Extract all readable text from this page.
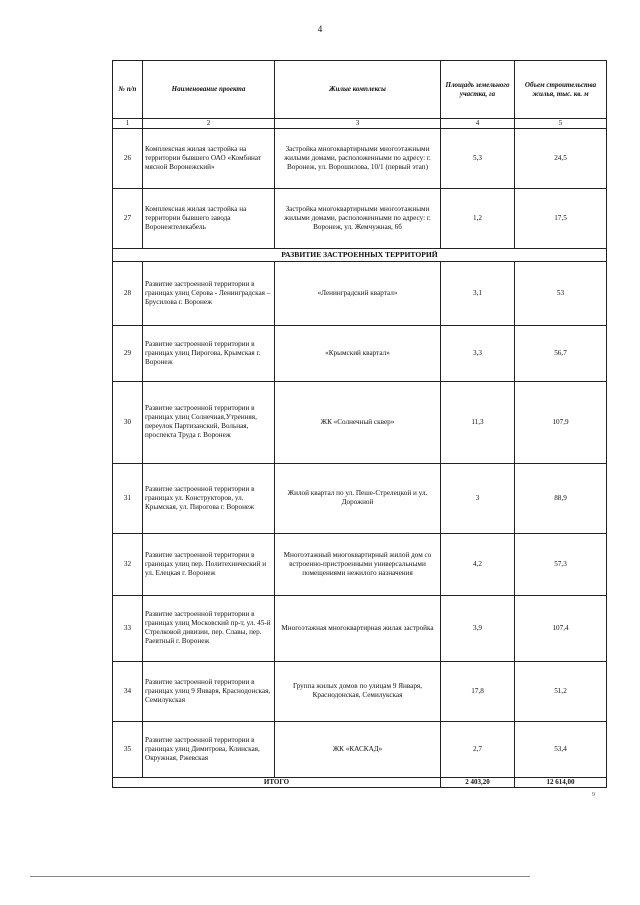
4
№ п/п	Наименование проекта	Жилые комплексы	Площадь земельного участка, га	Объем строительства жилья, тыс. кв. м
1	2	3	4	5
26	Комплексная жилая застройка на территории бывшего ОАО «Комбинат мясной Воронежский»	Застройка многоквартирными многоэтажными жилыми домами, расположенными по адресу: г. Воронеж, ул. Ворошилова, 10/1 (первый этап)	5,3	24,5
27	Комплексная жилая застройка на территории бывшего завода Воронежтелекабель	Застройка многоквартирными многоэтажными жилыми домами, расположенными по адресу: г. Воронеж, ул. Жемчужная, 6б	1,2	17,5
РАЗВИТИЕ ЗАСТРОЕННЫХ ТЕРРИТОРИЙ				
28	Развитие застроенной территории в границах улиц Серова - Ленинградская – Брусилова г. Воронеж	«Ленинградский квартал»	3,1	53
29	Развитие застроенной территории в границах улиц Пирогова, Крымская г. Воронеж	«Крымский квартал»	3,3	56,7
30	Развитие застроенной территории в границах улиц Солнечная,Утренняя, переулок Партизанский, Вольная, проспекта Труда г. Воронеж	ЖК «Солнечный сквер»	11,3	107,9
31	Развитие застроенной территории в границах ул. Конструкторов, ул. Крымская, ул. Пирогова г. Воронеж	Жилой квартал по ул. Пеше-Стрелецкой и ул. Дорожной	3	88,9
32	Развитие застроенной территории в границах улиц пер. Политехнический и ул. Елецкая г. Воронеж	Многоэтажный многоквартирный жилой дом со встроенно-пристроенными универсальными помещениями нежилого назначения	4,2	57,3
33	Развитие застроенной территории в границах улиц Московский пр-т, ул. 45-й Стрелковой дивизии, пер. Славы, пер. Раевтный г. Воронеж	Многоэтажная многоквартирная жилая застройка	3,9	107,4
34	Развитие застроенной территории в границах улиц 9 Января, Краснодонская, Семилукская	Группа жилых домов по улицам 9 Января, Краснодонская, Семилукская	17,8	51,2
35	Развитие застроенной территории в границах улиц Димитрова, Клинская, Окружная, Ржевская	ЖК «КАСКАД»	2,7	53,4
ИТОГО			2 403,20	12 614,00
9
